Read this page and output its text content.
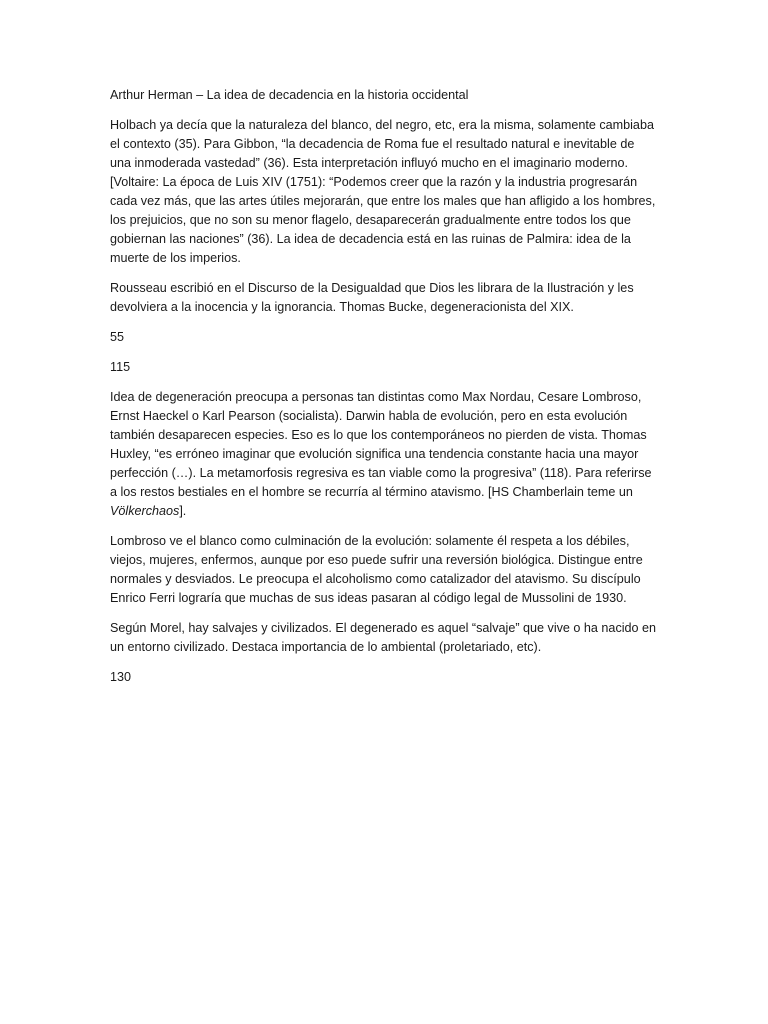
Arthur Herman – La idea de decadencia en la historia occidental

Holbach ya decía que la naturaleza del blanco, del negro, etc, era la misma, solamente cambiaba el contexto (35). Para Gibbon, “la decadencia de Roma fue el resultado natural e inevitable de una inmoderada vastedad” (36). Esta interpretación influyó mucho en el imaginario moderno. [Voltaire: La época de Luis XIV (1751): “Podemos creer que la razón y la industria progresarán cada vez más, que las artes útiles mejorarán, que entre los males que han afligido a los hombres, los prejuicios, que no son su menor flagelo, desaparecerán gradualmente entre todos los que gobiernan las naciones” (36). La idea de decadencia está en las ruinas de Palmira: idea de la muerte de los imperios.

Rousseau escribió en el Discurso de la Desigualdad que Dios les librara de la Ilustración y les devolviera a la inocencia y la ignorancia. Thomas Bucke, degeneracionista del XIX.

55

115

Idea de degeneración preocupa a personas tan distintas como Max Nordau, Cesare Lombroso, Ernst Haeckel o Karl Pearson (socialista). Darwin habla de evolución, pero en esta evolución también desaparecen especies. Eso es lo que los contemporáneos no pierden de vista. Thomas Huxley, “es erróneo imaginar que evolución significa una tendencia constante hacia una mayor perfección (…). La metamorfosis regresiva es tan viable como la progresiva” (118). Para referirse a los restos bestiales en el hombre se recurría al término atavismo. [HS Chamberlain teme un Völkerchaos].

Lombroso ve el blanco como culminación de la evolución: solamente él respeta a los débiles, viejos, mujeres, enfermos, aunque por eso puede sufrir una reversión biológica. Distingue entre normales y desviados. Le preocupa el alcoholismo como catalizador del atavismo. Su discípulo Enrico Ferri lograría que muchas de sus ideas pasaran al código legal de Mussolini de 1930.

Según Morel, hay salvajes y civilizados. El degenerado es aquel “salvaje” que vive o ha nacido en un entorno civilizado. Destaca importancia de lo ambiental (proletariado, etc).

130
